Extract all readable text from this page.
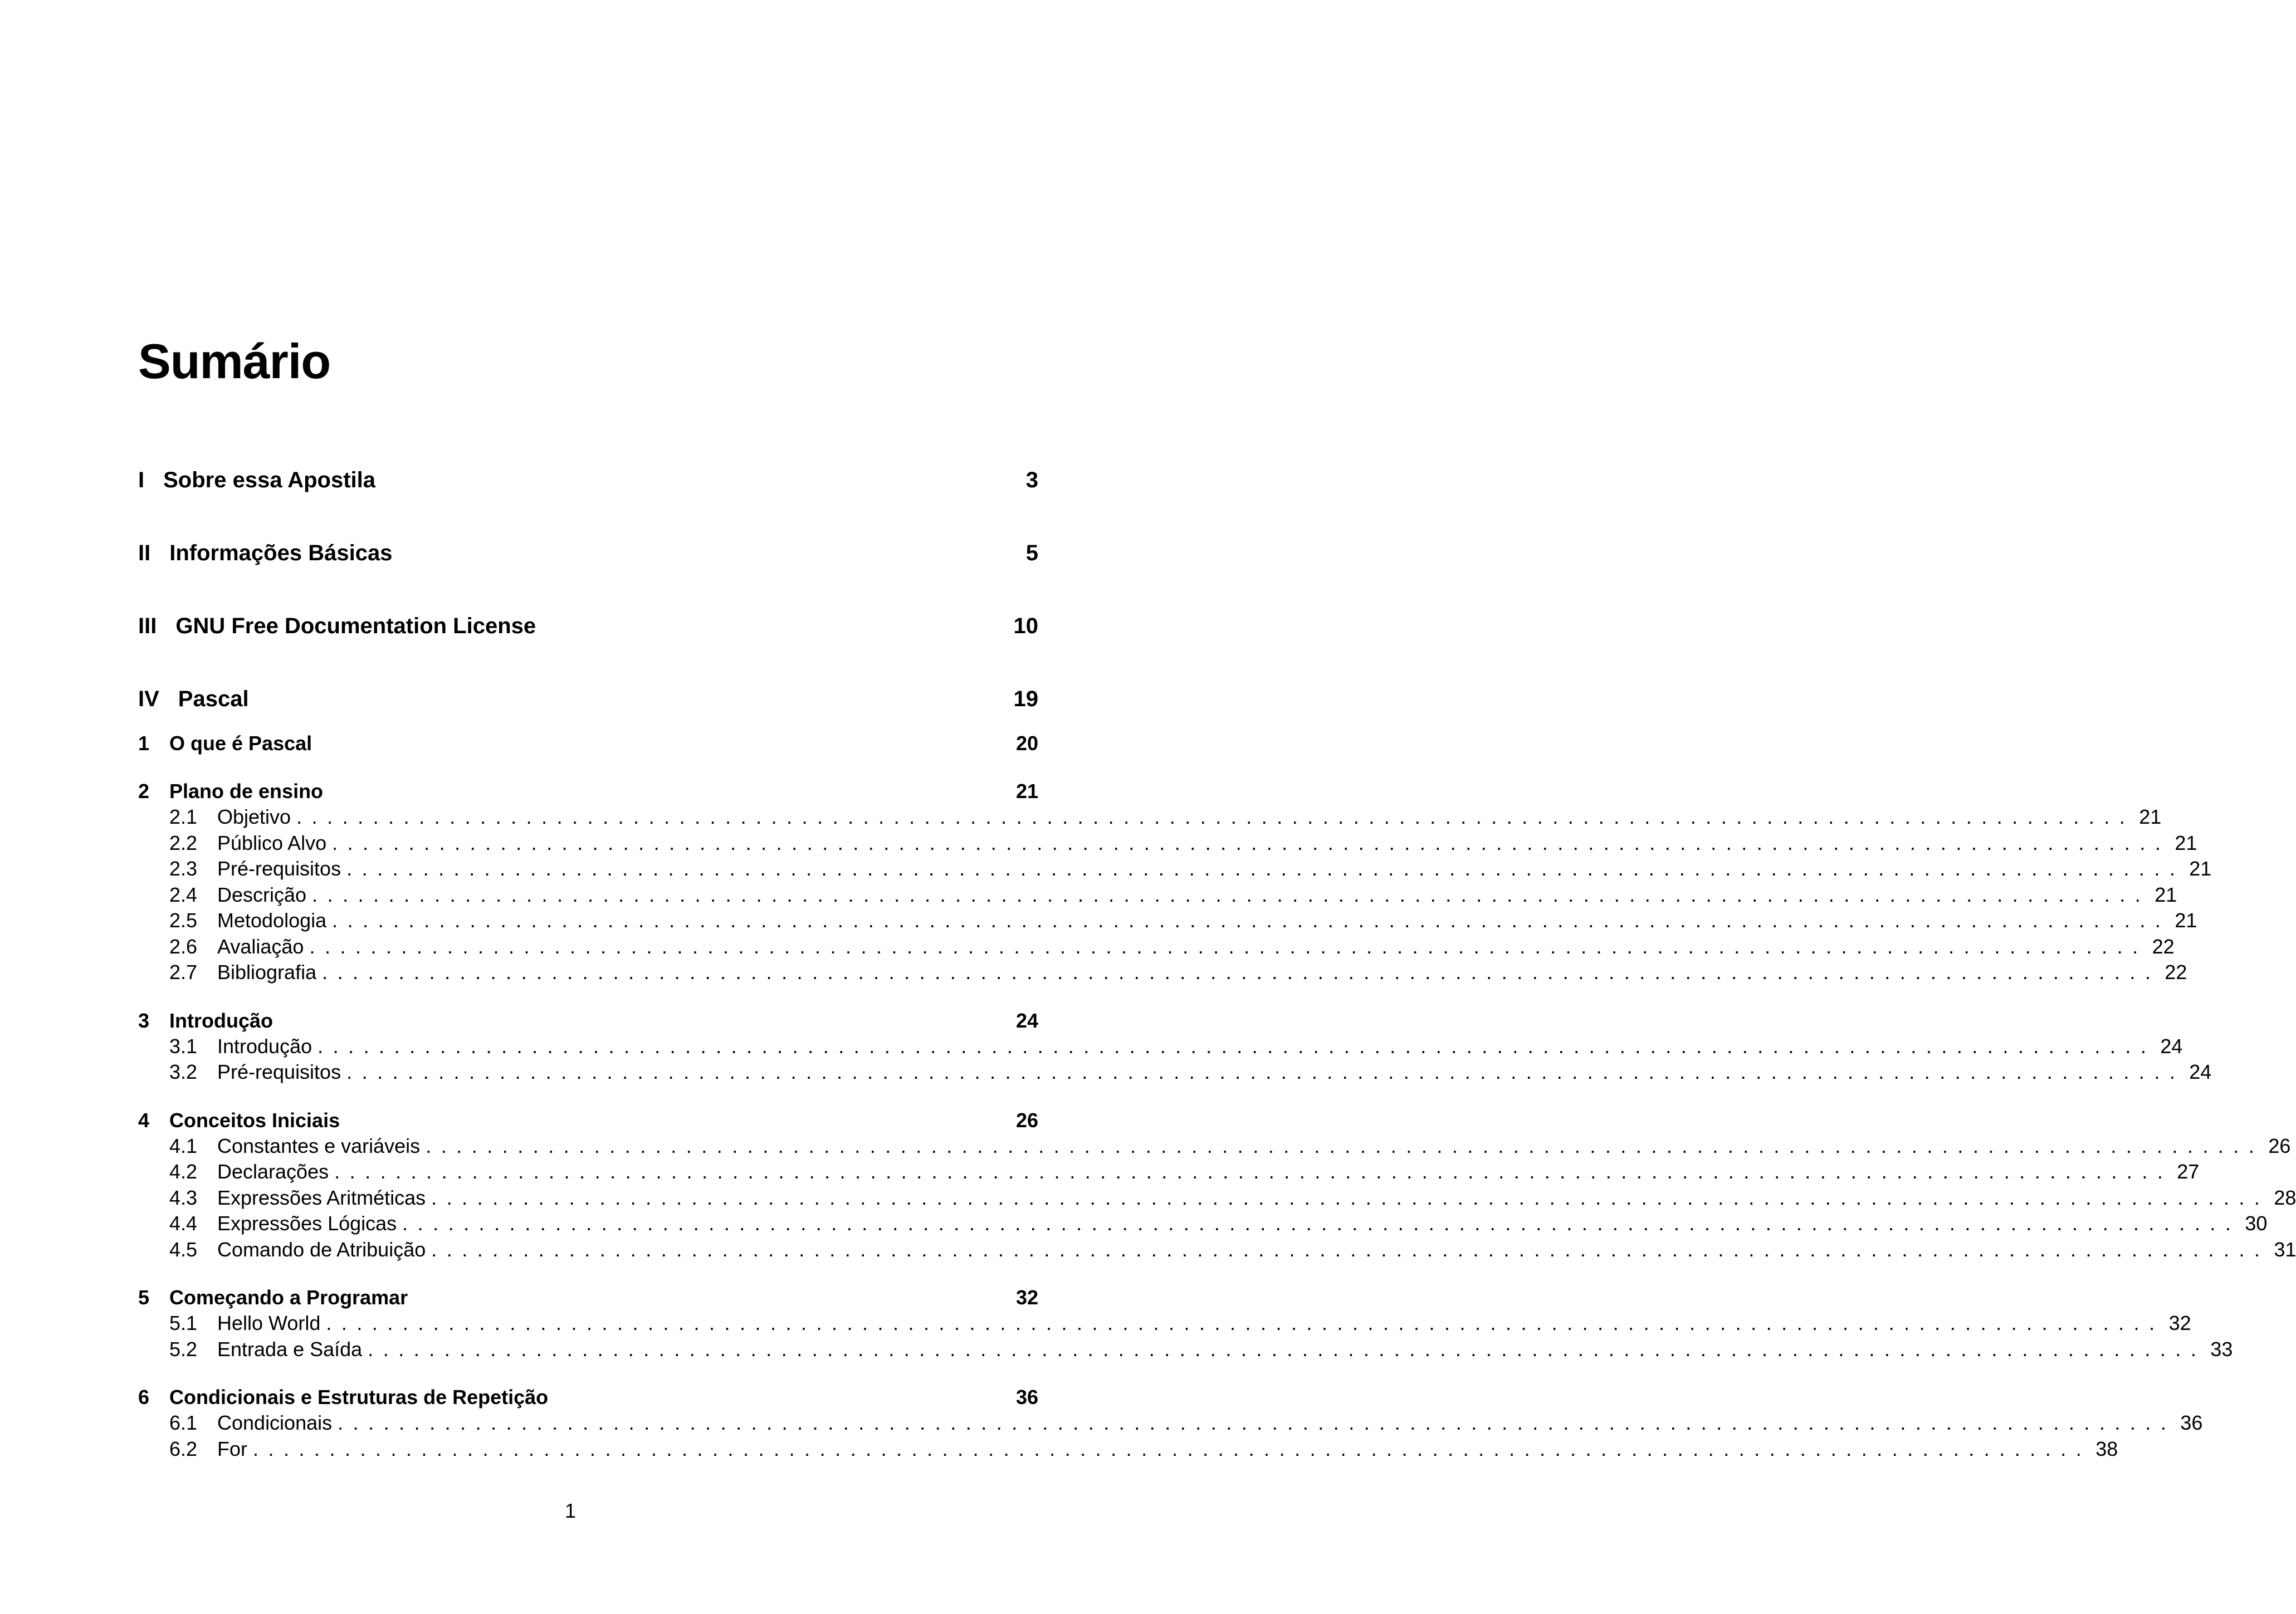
Sumário
I Sobre essa Apostila	3
II Informações Básicas	5
III GNU Free Documentation License	10
IV Pascal	19
1 O que é Pascal	20
2 Plano de ensino	21
2.1 Objetivo ........................................................................................................................ 21
2.2 Público Alvo ........................................................................................................................ 21
2.3 Pré-requisitos ........................................................................................................................ 21
2.4 Descrição ........................................................................................................................ 21
2.5 Metodologia ........................................................................................................................ 21
2.6 Avaliação ........................................................................................................................ 22
2.7 Bibliografia ........................................................................................................................ 22
3 Introdução	24
3.1 Introdução ........................................................................................................................ 24
3.2 Pré-requisitos ........................................................................................................................ 24
4 Conceitos Iniciais	26
4.1 Constantes e variáveis ........................................................................................................................ 26
4.2 Declarações ........................................................................................................................ 27
4.3 Expressões Aritméticas ........................................................................................................................ 28
4.4 Expressões Lógicas ........................................................................................................................ 30
4.5 Comando de Atribuição ........................................................................................................................ 31
5 Começando a Programar	32
5.1 Hello World ........................................................................................................................ 32
5.2 Entrada e Saída ........................................................................................................................ 33
6 Condicionais e Estruturas de Repetição	36
6.1 Condicionais ........................................................................................................................ 36
6.2 For ........................................................................................................................ 38
1
